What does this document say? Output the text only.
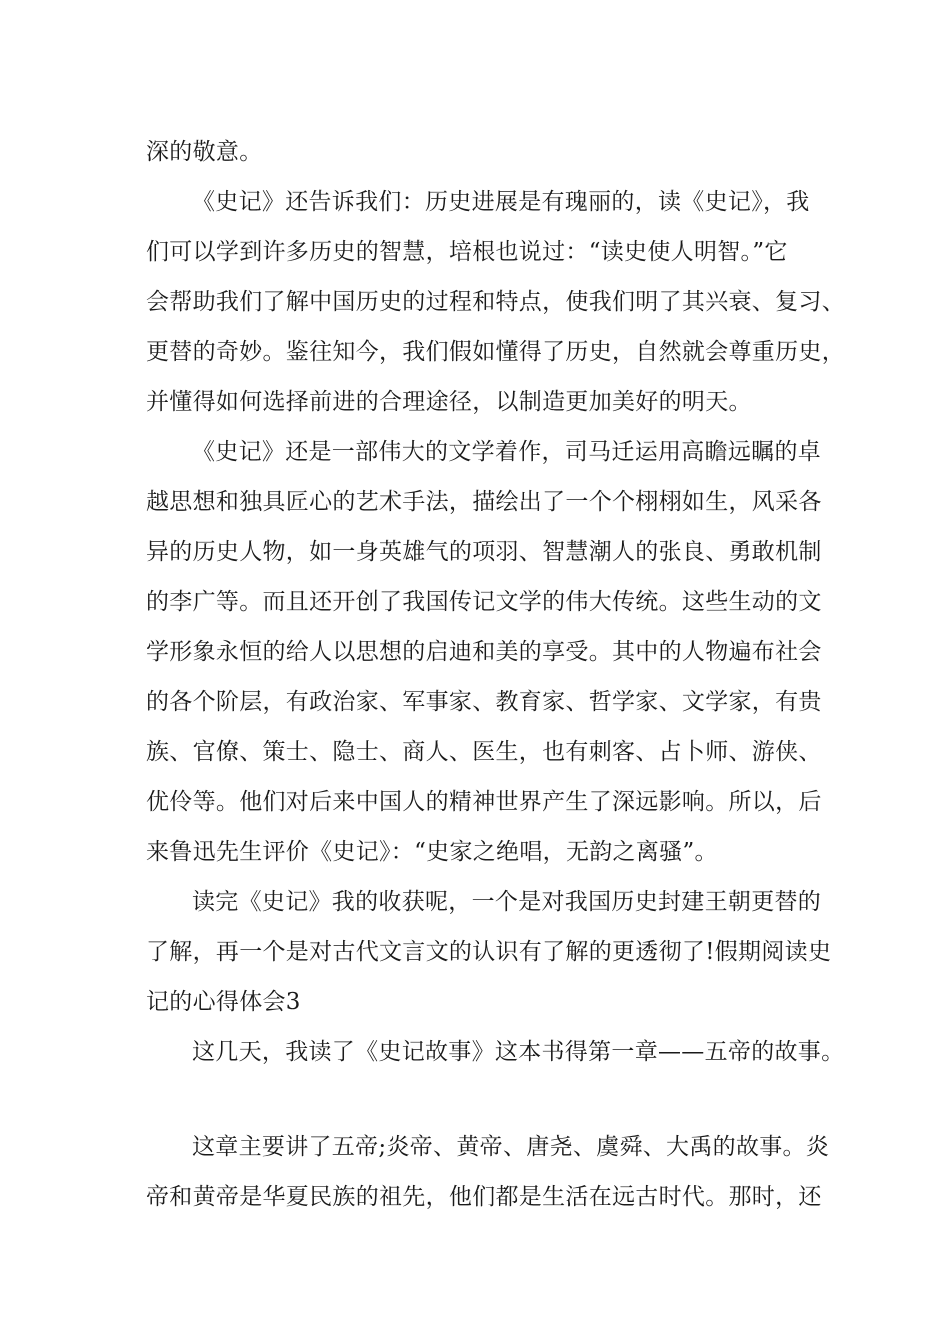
深的敬意。
《史记》还告诉我们：历史进展是有瑰丽的，读《史记》，我
们可以学到许多历史的智慧，培根也说过：“读史使人明智。”它
会帮助我们了解中国历史的过程和特点，使我们明了其兴衰、复习、
更替的奇妙。鉴往知今，我们假如懂得了历史，自然就会尊重历史，
并懂得如何选择前进的合理途径，以制造更加美好的明天。
《史记》还是一部伟大的文学着作，司马迁运用高瞻远瞩的卓
越思想和独具匠心的艺术手法，描绘出了一个个栩栩如生，风采各
异的历史人物，如一身英雄气的项羽、智慧潮人的张良、勇敢机制
的李广等。而且还开创了我国传记文学的伟大传统。这些生动的文
学形象永恒的给人以思想的启迪和美的享受。其中的人物遍布社会
的各个阶层，有政治家、军事家、教育家、哲学家、文学家，有贵
族、官僚、策士、隐士、商人、医生，也有刺客、占卜师、游侠、
优伶等。他们对后来中国人的精神世界产生了深远影响。所以，后
来鲁迅先生评价《史记》：“史家之绝唱，无韵之离骚”。
读完《史记》我的收获呢，一个是对我国历史封建王朝更替的
了解，再一个是对古代文言文的认识有了解的更透彻了!假期阅读史
记的心得体会3
这几天，我读了《史记故事》这本书得第一章——五帝的故事。
这章主要讲了五帝;炎帝、黄帝、唐尧、虞舜、大禹的故事。炎
帝和黄帝是华夏民族的祖先，他们都是生活在远古时代。那时，还
